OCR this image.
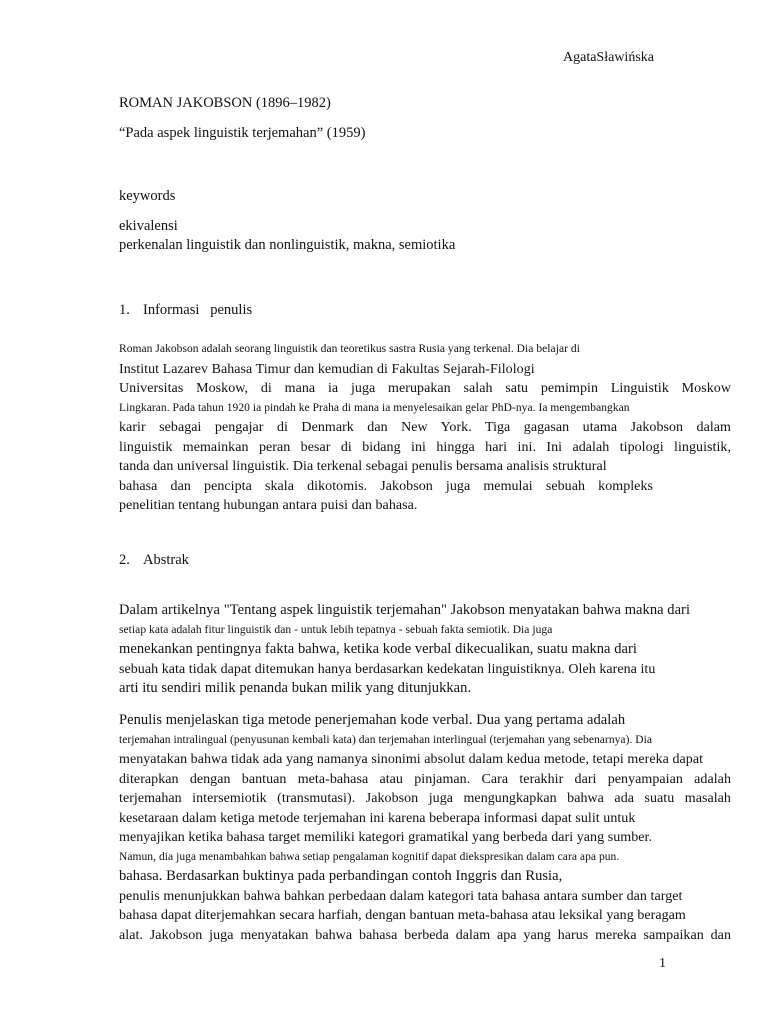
AgataSławińska
ROMAN JAKOBSON (1896–1982)
“Pada aspek linguistik terjemahan” (1959)
keywords
ekivalensi
perkenalan linguistik dan nonlinguistik, makna, semiotika
1. Informasi   penulis
Roman Jakobson adalah seorang linguistik dan teoretikus sastra Rusia yang terkenal. Dia belajar di
Institut Lazarev Bahasa Timur dan kemudian di Fakultas Sejarah-Filologi
Universitas Moskow, di mana ia juga merupakan salah satu pemimpin Linguistik Moskow
Lingkaran. Pada tahun 1920 ia pindah ke Praha di mana ia menyelesaikan gelar PhD-nya. Ia mengembangkan
karir sebagai pengajar di Denmark dan New York. Tiga gagasan utama Jakobson dalam
linguistik memainkan peran besar di bidang ini hingga hari ini. Ini adalah tipologi linguistik,
tanda dan universal linguistik. Dia terkenal sebagai penulis bersama analisis struktural
bahasa dan pencipta skala dikotomis. Jakobson juga memulai sebuah kompleks
penelitian tentang hubungan antara puisi dan bahasa.
2. Abstrak
Dalam artikelnya "Tentang aspek linguistik terjemahan" Jakobson menyatakan bahwa makna dari
setiap kata adalah fitur linguistik dan - untuk lebih tepatnya - sebuah fakta semiotik. Dia juga
menekankan pentingnya fakta bahwa, ketika kode verbal dikecualikan, suatu makna dari
sebuah kata tidak dapat ditemukan hanya berdasarkan kedekatan linguistiknya. Oleh karena itu
arti itu sendiri milik penanda bukan milik yang ditunjukkan.
Penulis menjelaskan tiga metode penerjemahan kode verbal. Dua yang pertama adalah
terjemahan intralingual (penyusunan kembali kata) dan terjemahan interlingual (terjemahan yang sebenarnya). Dia
menyatakan bahwa tidak ada yang namanya sinonimi absolut dalam kedua metode, tetapi mereka dapat
diterapkan dengan bantuan meta-bahasa atau pinjaman. Cara terakhir dari penyampaian adalah
terjemahan intersemiotik (transmutasi). Jakobson juga mengungkapkan bahwa ada suatu masalah
kesetaraan dalam ketiga metode terjemahan ini karena beberapa informasi dapat sulit untuk
menyajikan ketika bahasa target memiliki kategori gramatikal yang berbeda dari yang sumber.
Namun, dia juga menambahkan bahwa setiap pengalaman kognitif dapat diekspresikan dalam cara apa pun.
bahasa. Berdasarkan buktinya pada perbandingan contoh Inggris dan Rusia,
penulis menunjukkan bahwa bahkan perbedaan dalam kategori tata bahasa antara sumber dan target
bahasa dapat diterjemahkan secara harfiah, dengan bantuan meta-bahasa atau leksikal yang beragam
alat. Jakobson juga menyatakan bahwa bahasa berbeda dalam apa yang harus mereka sampaikan dan
1
